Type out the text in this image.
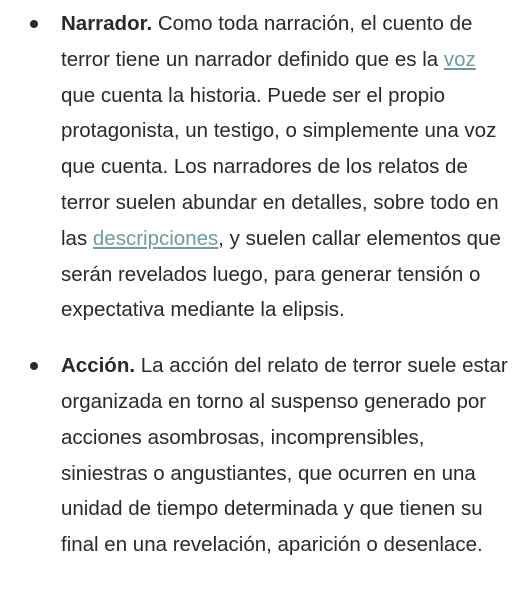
Narrador. Como toda narración, el cuento de terror tiene un narrador definido que es la voz que cuenta la historia. Puede ser el propio protagonista, un testigo, o simplemente una voz que cuenta. Los narradores de los relatos de terror suelen abundar en detalles, sobre todo en las descripciones, y suelen callar elementos que serán revelados luego, para generar tensión o expectativa mediante la elipsis.
Acción. La acción del relato de terror suele estar organizada en torno al suspenso generado por acciones asombrosas, incomprensibles, siniestras o angustiantes, que ocurren en una unidad de tiempo determinada y que tienen su final en una revelación, aparición o desenlace.
